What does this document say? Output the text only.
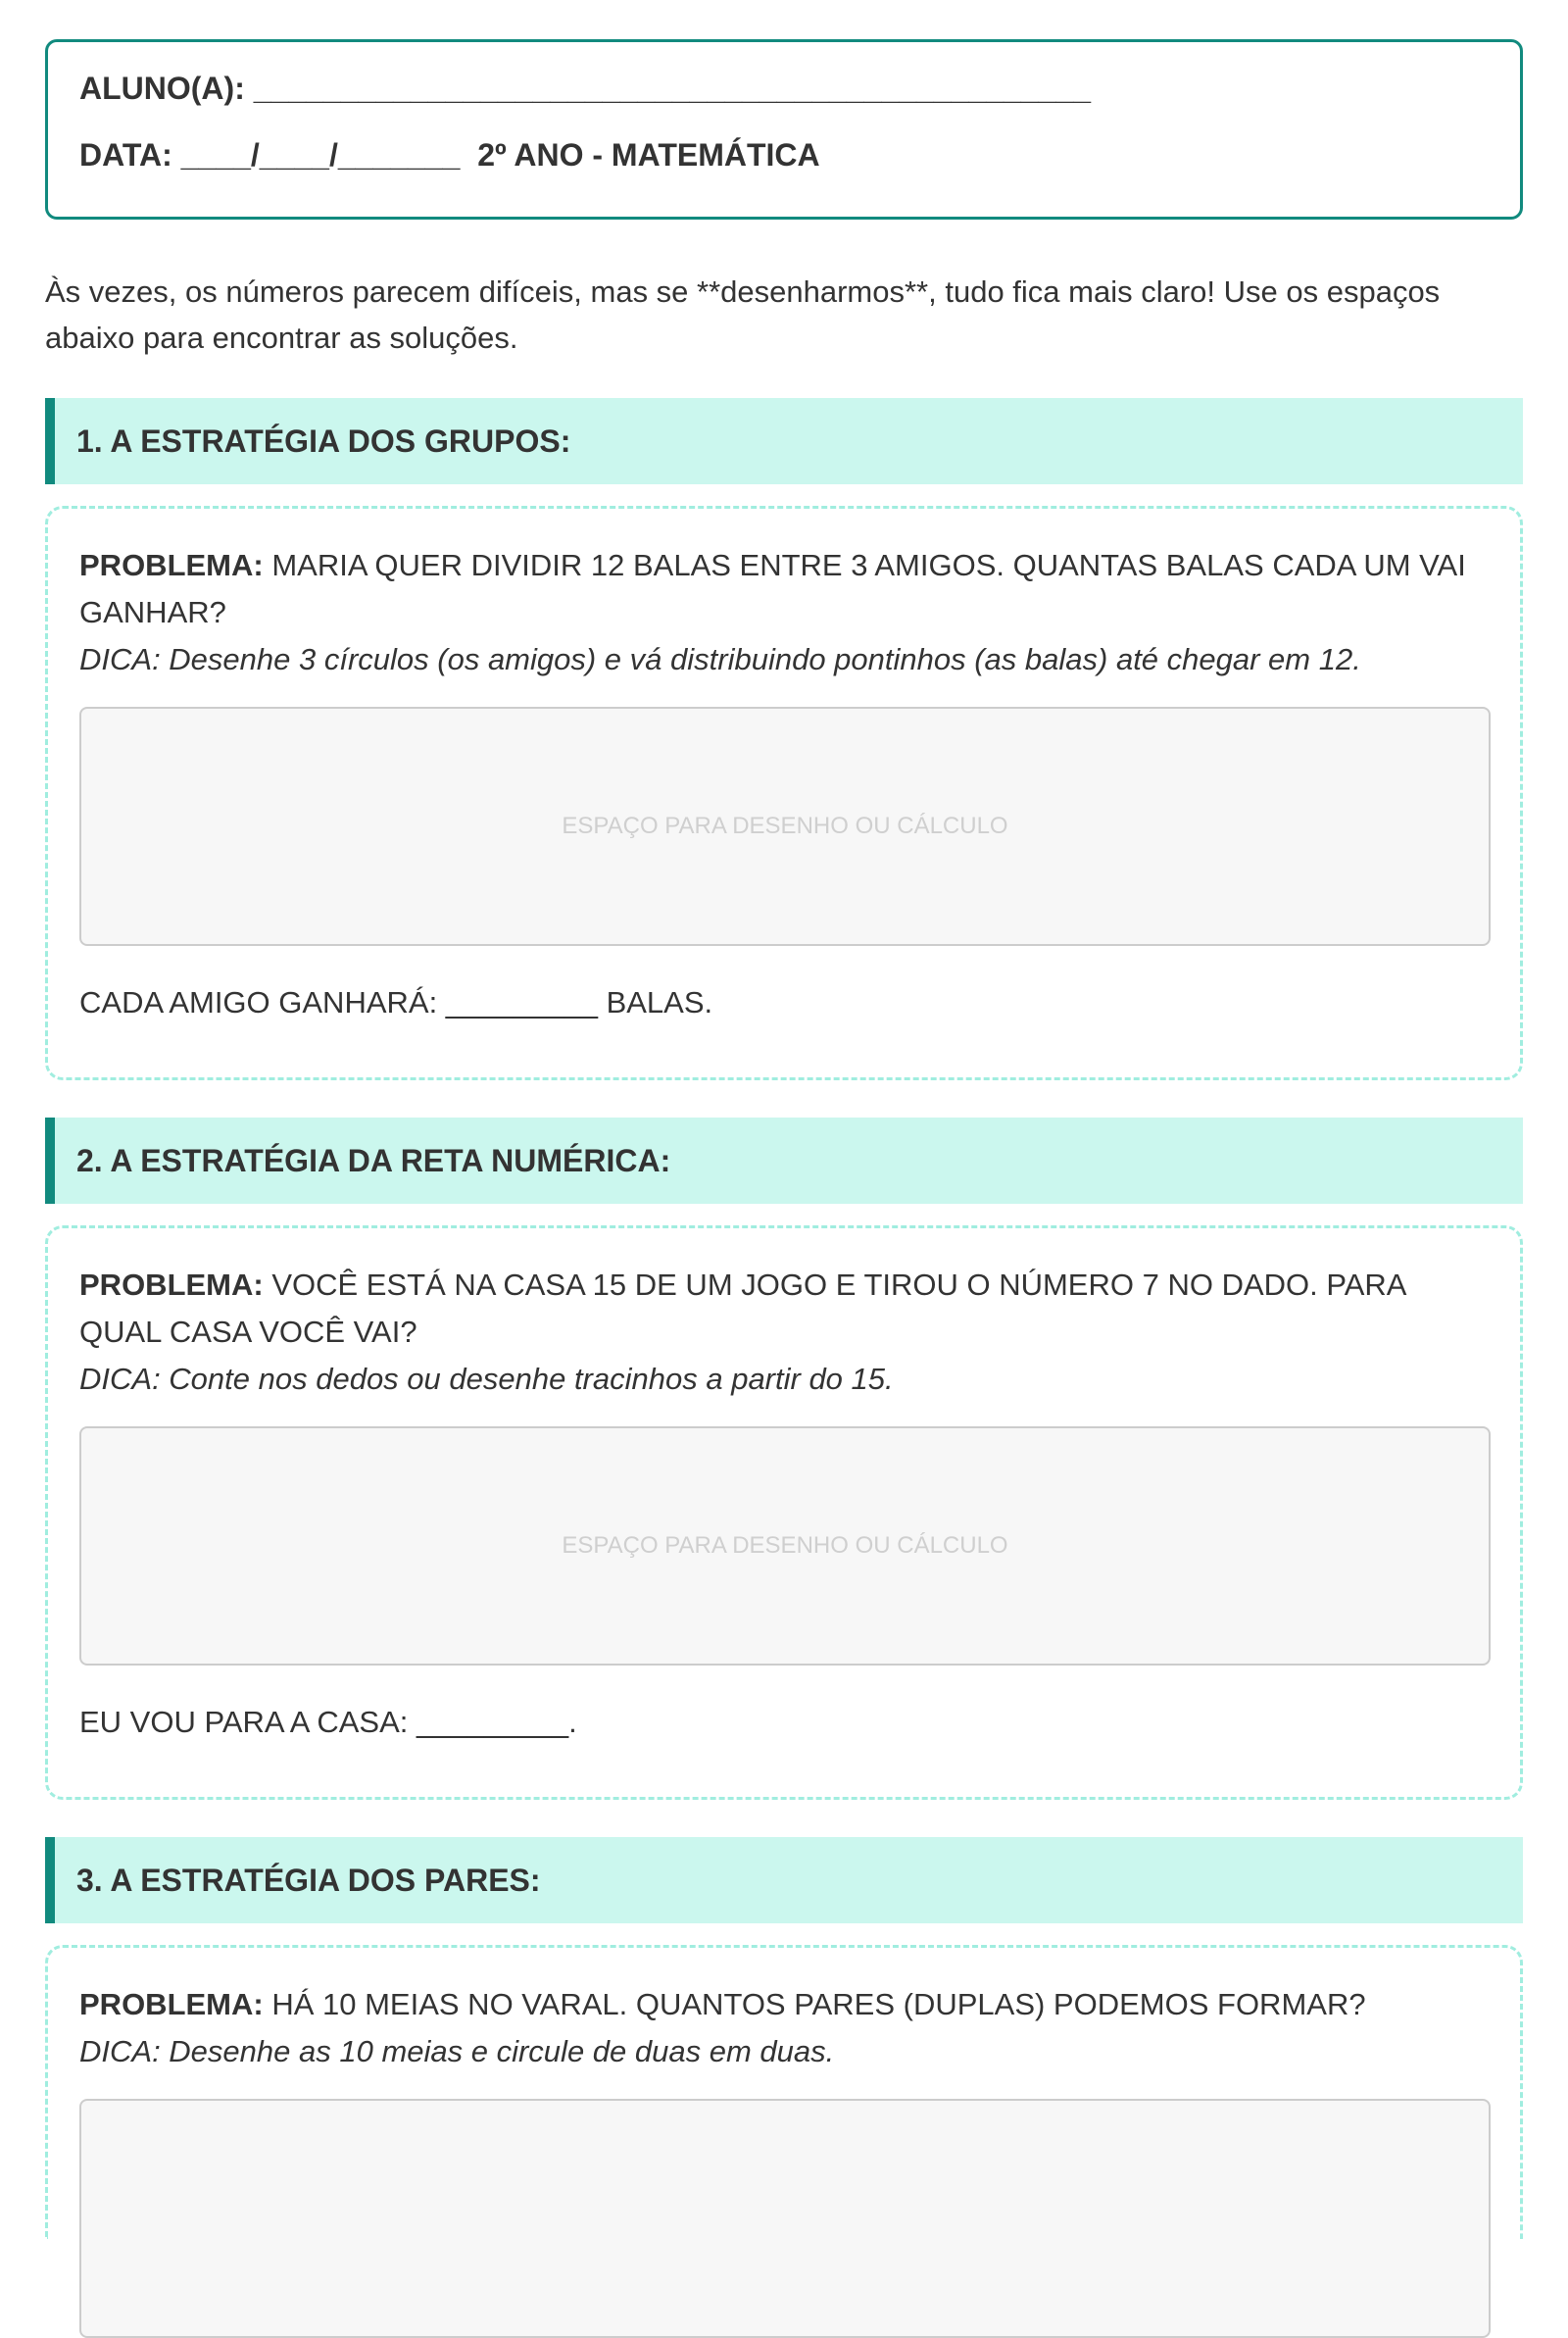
ALUNO(A): ________________________________________________
DATA: ____/____/_______  2º ANO - MATEMÁTICA
Às vezes, os números parecem difíceis, mas se **desenharmos**, tudo fica mais claro! Use os espaços abaixo para encontrar as soluções.
1. A ESTRATÉGIA DOS GRUPOS:
PROBLEMA: MARIA QUER DIVIDIR 12 BALAS ENTRE 3 AMIGOS. QUANTAS BALAS CADA UM VAI GANHAR?
DICA: Desenhe 3 círculos (os amigos) e vá distribuindo pontinhos (as balas) até chegar em 12.
ESPAÇO PARA DESENHO OU CÁLCULO
CADA AMIGO GANHARÁ: _________ BALAS.
2. A ESTRATÉGIA DA RETA NUMÉRICA:
PROBLEMA: VOCÊ ESTÁ NA CASA 15 DE UM JOGO E TIROU O NÚMERO 7 NO DADO. PARA QUAL CASA VOCÊ VAI?
DICA: Conte nos dedos ou desenhe tracinhos a partir do 15.
ESPAÇO PARA DESENHO OU CÁLCULO
EU VOU PARA A CASA: _________.
3. A ESTRATÉGIA DOS PARES:
PROBLEMA: HÁ 10 MEIAS NO VARAL. QUANTOS PARES (DUPLAS) PODEMOS FORMAR?
DICA: Desenhe as 10 meias e circule de duas em duas.
